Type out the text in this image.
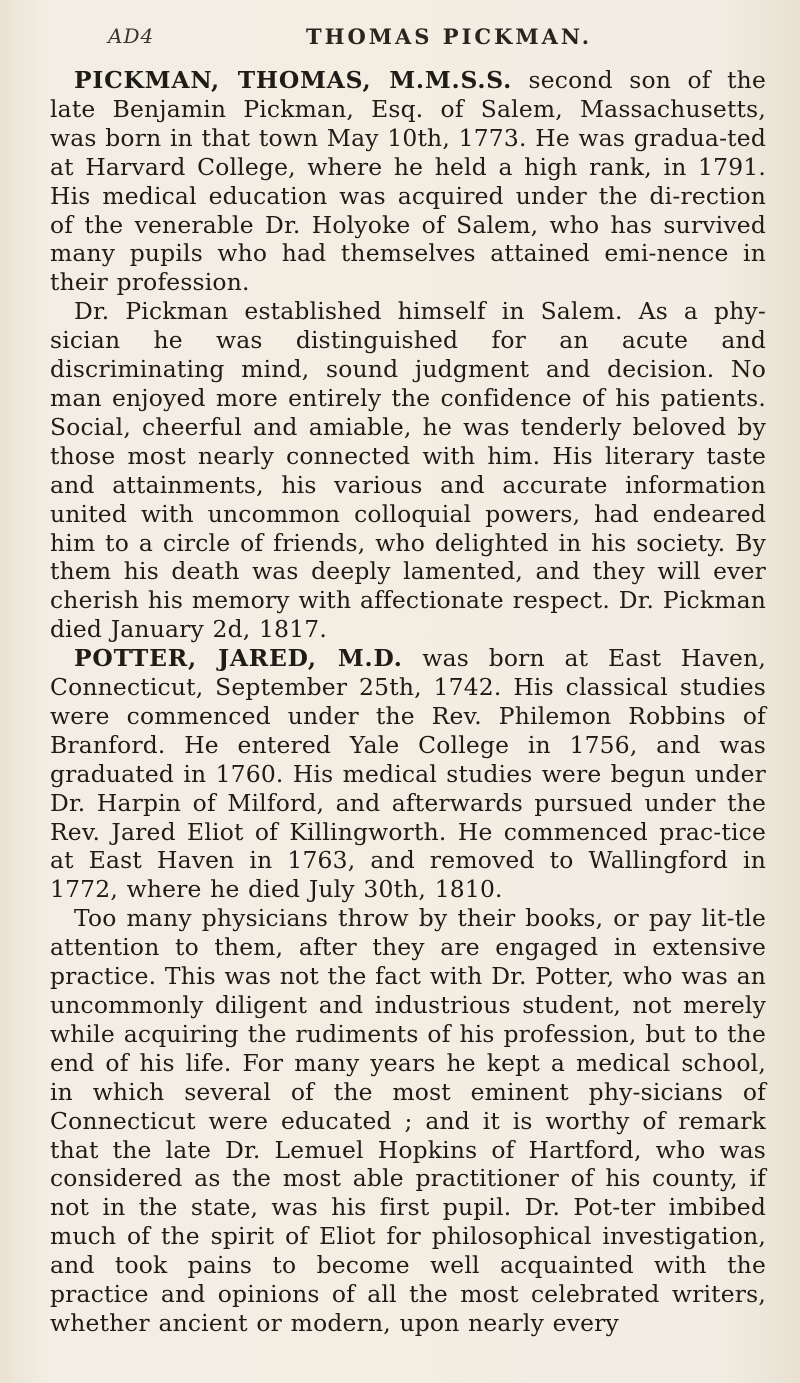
AD4	THOMAS PICKMAN.

PICKMAN, THOMAS, M.M.S.S. second son of the late Benjamin Pickman, Esq. of Salem, Massachusetts, was born in that town May 10th, 1773. He was gradua-ted at Harvard College, where he held a high rank, in 1791. His medical education was acquired under the di-rection of the venerable Dr. Holyoke of Salem, who has survived many pupils who had themselves attained emi-nence in their profession.

Dr. Pickman established himself in Salem. As a phy-sician he was distinguished for an acute and discriminating mind, sound judgment and decision. No man enjoyed more entirely the confidence of his patients. Social, cheerful and amiable, he was tenderly beloved by those most nearly connected with him. His literary taste and attainments, his various and accurate information united with uncommon colloquial powers, had endeared him to a circle of friends, who delighted in his society. By them his death was deeply lamented, and they will ever cherish his memory with affectionate respect. Dr. Pickman died January 2d, 1817.

POTTER, JARED, M.D. was born at East Haven, Connecticut, September 25th, 1742. His classical studies were commenced under the Rev. Philemon Robbins of Branford. He entered Yale College in 1756, and was graduated in 1760. His medical studies were begun under Dr. Harpin of Milford, and afterwards pursued under the Rev. Jared Eliot of Killingworth. He commenced prac-tice at East Haven in 1763, and removed to Wallingford in 1772, where he died July 30th, 1810.

Too many physicians throw by their books, or pay lit-tle attention to them, after they are engaged in extensive practice. This was not the fact with Dr. Potter, who was an uncommonly diligent and industrious student, not merely while acquiring the rudiments of his profession, but to the end of his life. For many years he kept a medical school, in which several of the most eminent phy-sicians of Connecticut were educated ; and it is worthy of remark that the late Dr. Lemuel Hopkins of Hartford, who was considered as the most able practitioner of his county, if not in the state, was his first pupil. Dr. Pot-ter imbibed much of the spirit of Eliot for philosophical investigation, and took pains to become well acquainted with the practice and opinions of all the most celebrated writers, whether ancient or modern, upon nearly every
